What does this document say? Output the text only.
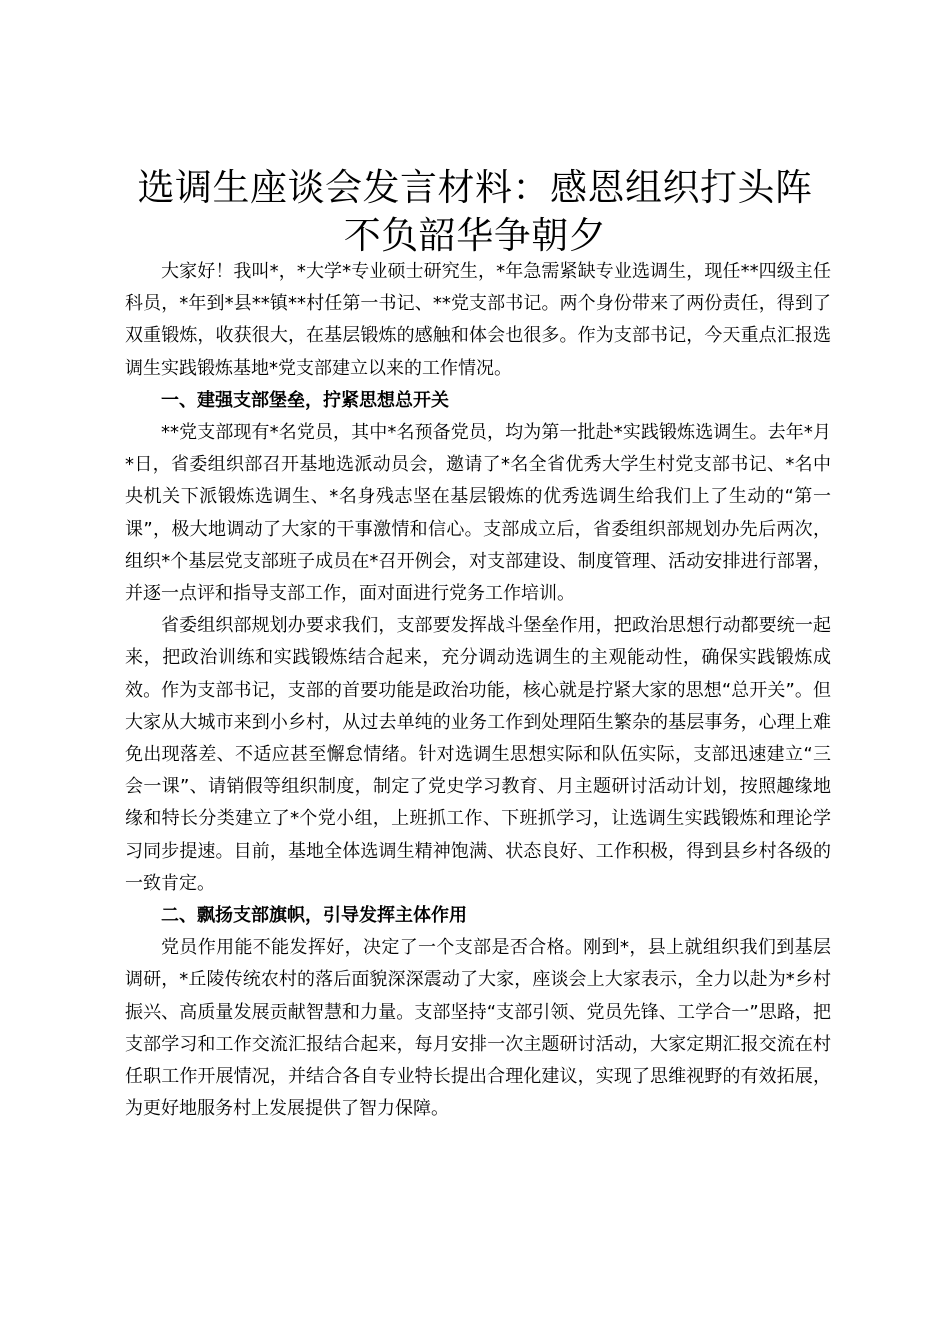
选调生座谈会发言材料：感恩组织打头阵 不负韶华争朝夕

大家好！我叫*，*大学*专业硕士研究生，*年急需紧缺专业选调生，现任**四级主任科员，*年到*县**镇**村任第一书记、**党支部书记。两个身份带来了两份责任，得到了双重锻炼，收获很大，在基层锻炼的感触和体会也很多。作为支部书记，今天重点汇报选调生实践锻炼基地*党支部建立以来的工作情况。

一、建强支部堡垒，拧紧思想总开关

**党支部现有*名党员，其中*名预备党员，均为第一批赴*实践锻炼选调生。去年*月*日，省委组织部召开基地选派动员会，邀请了*名全省优秀大学生村党支部书记、*名中央机关下派锻炼选调生、*名身残志坚在基层锻炼的优秀选调生给我们上了生动的“第一课”，极大地调动了大家的干事激情和信心。支部成立后，省委组织部规划办先后两次，组织*个基层党支部班子成员在*召开例会，对支部建设、制度管理、活动安排进行部署，并逐一点评和指导支部工作，面对面进行党务工作培训。

省委组织部规划办要求我们，支部要发挥战斗堡垒作用，把政治思想行动都要统一起来，把政治训练和实践锻炼结合起来，充分调动选调生的主观能动性，确保实践锻炼成效。作为支部书记，支部的首要功能是政治功能，核心就是拧紧大家的思想“总开关”。但大家从大城市来到小乡村，从过去单纯的业务工作到处理陌生繁杂的基层事务，心理上难免出现落差、不适应甚至懈怠情绪。针对选调生思想实际和队伍实际，支部迅速建立“三会一课”、请销假等组织制度，制定了党史学习教育、月主题研讨活动计划，按照趣缘地缘和特长分类建立了*个党小组，上班抓工作、下班抓学习，让选调生实践锻炼和理论学习同步提速。目前，基地全体选调生精神饱满、状态良好、工作积极，得到县乡村各级的一致肯定。

二、飘扬支部旗帜，引导发挥主体作用

党员作用能不能发挥好，决定了一个支部是否合格。刚到*，县上就组织我们到基层调研，*丘陵传统农村的落后面貌深深震动了大家，座谈会上大家表示，全力以赴为*乡村振兴、高质量发展贡献智慧和力量。支部坚持“支部引领、党员先锋、工学合一”思路，把支部学习和工作交流汇报结合起来，每月安排一次主题研讨活动，大家定期汇报交流在村任职工作开展情况，并结合各自专业特长提出合理化建议，实现了思维视野的有效拓展，为更好地服务村上发展提供了智力保障。
